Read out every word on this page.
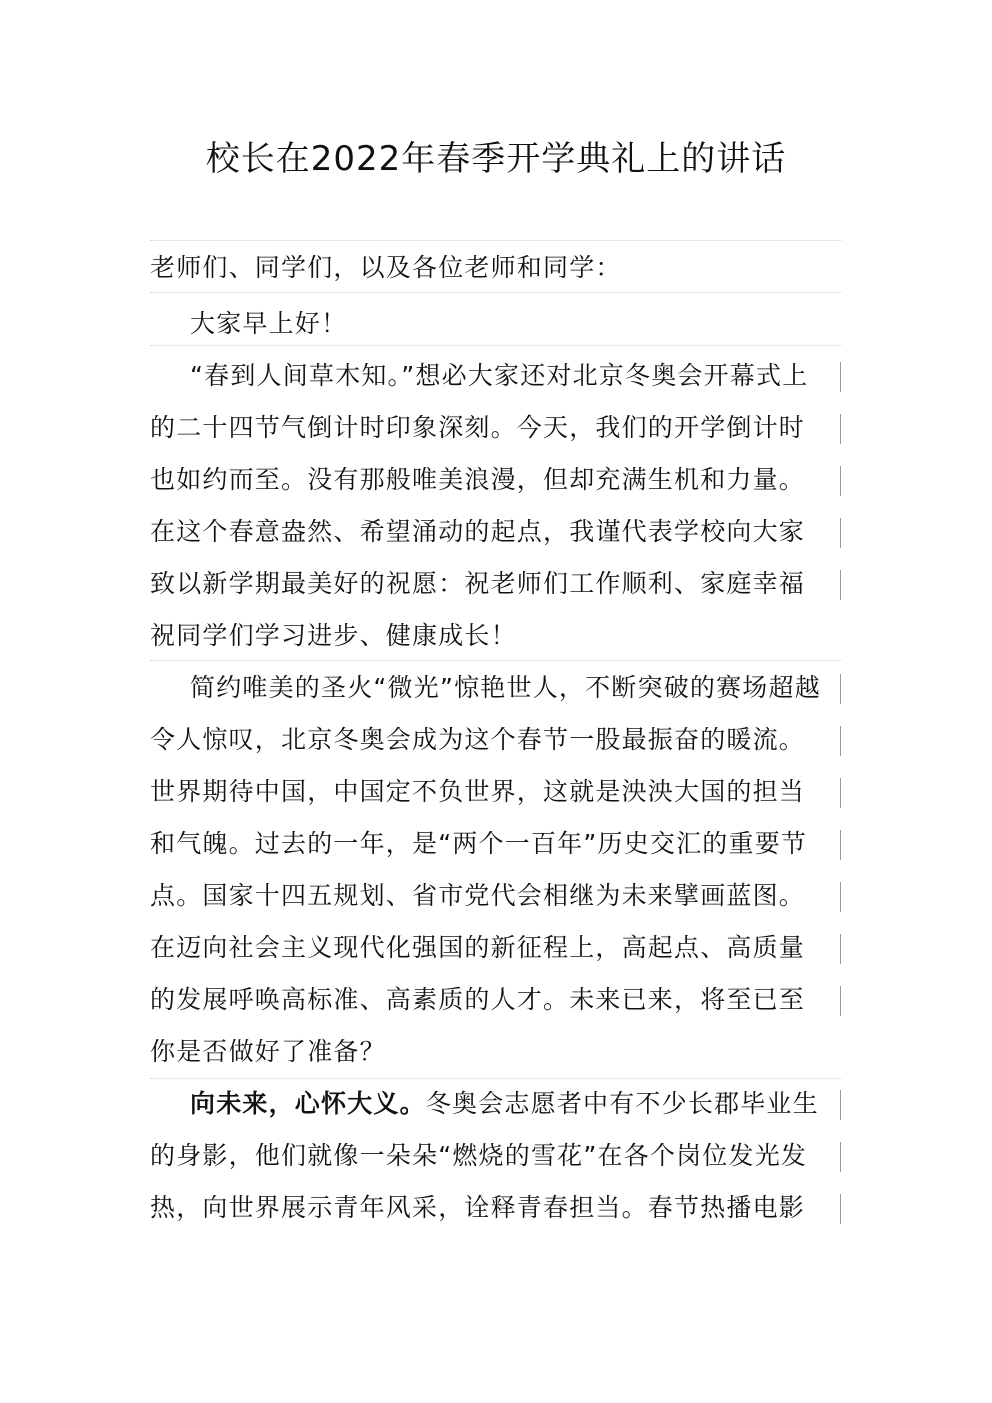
校长在2022年春季开学典礼上的讲话
老师们、同学们，以及各位老师和同学：
大家早上好！
“春到人间草木知。”想必大家还对北京冬奥会开幕式上
的二十四节气倒计时印象深刻。今天，我们的开学倒计时
也如约而至。没有那般唯美浪漫，但却充满生机和力量。
在这个春意盎然、希望涌动的起点，我谨代表学校向大家
致以新学期最美好的祝愿：祝老师们工作顺利、家庭幸福
祝同学们学习进步、健康成长！
简约唯美的圣火“微光”惊艳世人，不断突破的赛场超越
令人惊叹，北京冬奥会成为这个春节一股最振奋的暖流。
世界期待中国，中国定不负世界，这就是泱泱大国的担当
和气魄。过去的一年，是“两个一百年”历史交汇的重要节
点。国家十四五规划、省市党代会相继为未来擘画蓝图。
在迈向社会主义现代化强国的新征程上，高起点、高质量
的发展呼唤高标准、高素质的人才。未来已来，将至已至
你是否做好了准备？
向未来，心怀大义。冬奥会志愿者中有不少长郡毕业生
的身影，他们就像一朵朵“燃烧的雪花”在各个岗位发光发
热，向世界展示青年风采，诠释青春担当。春节热播电影
